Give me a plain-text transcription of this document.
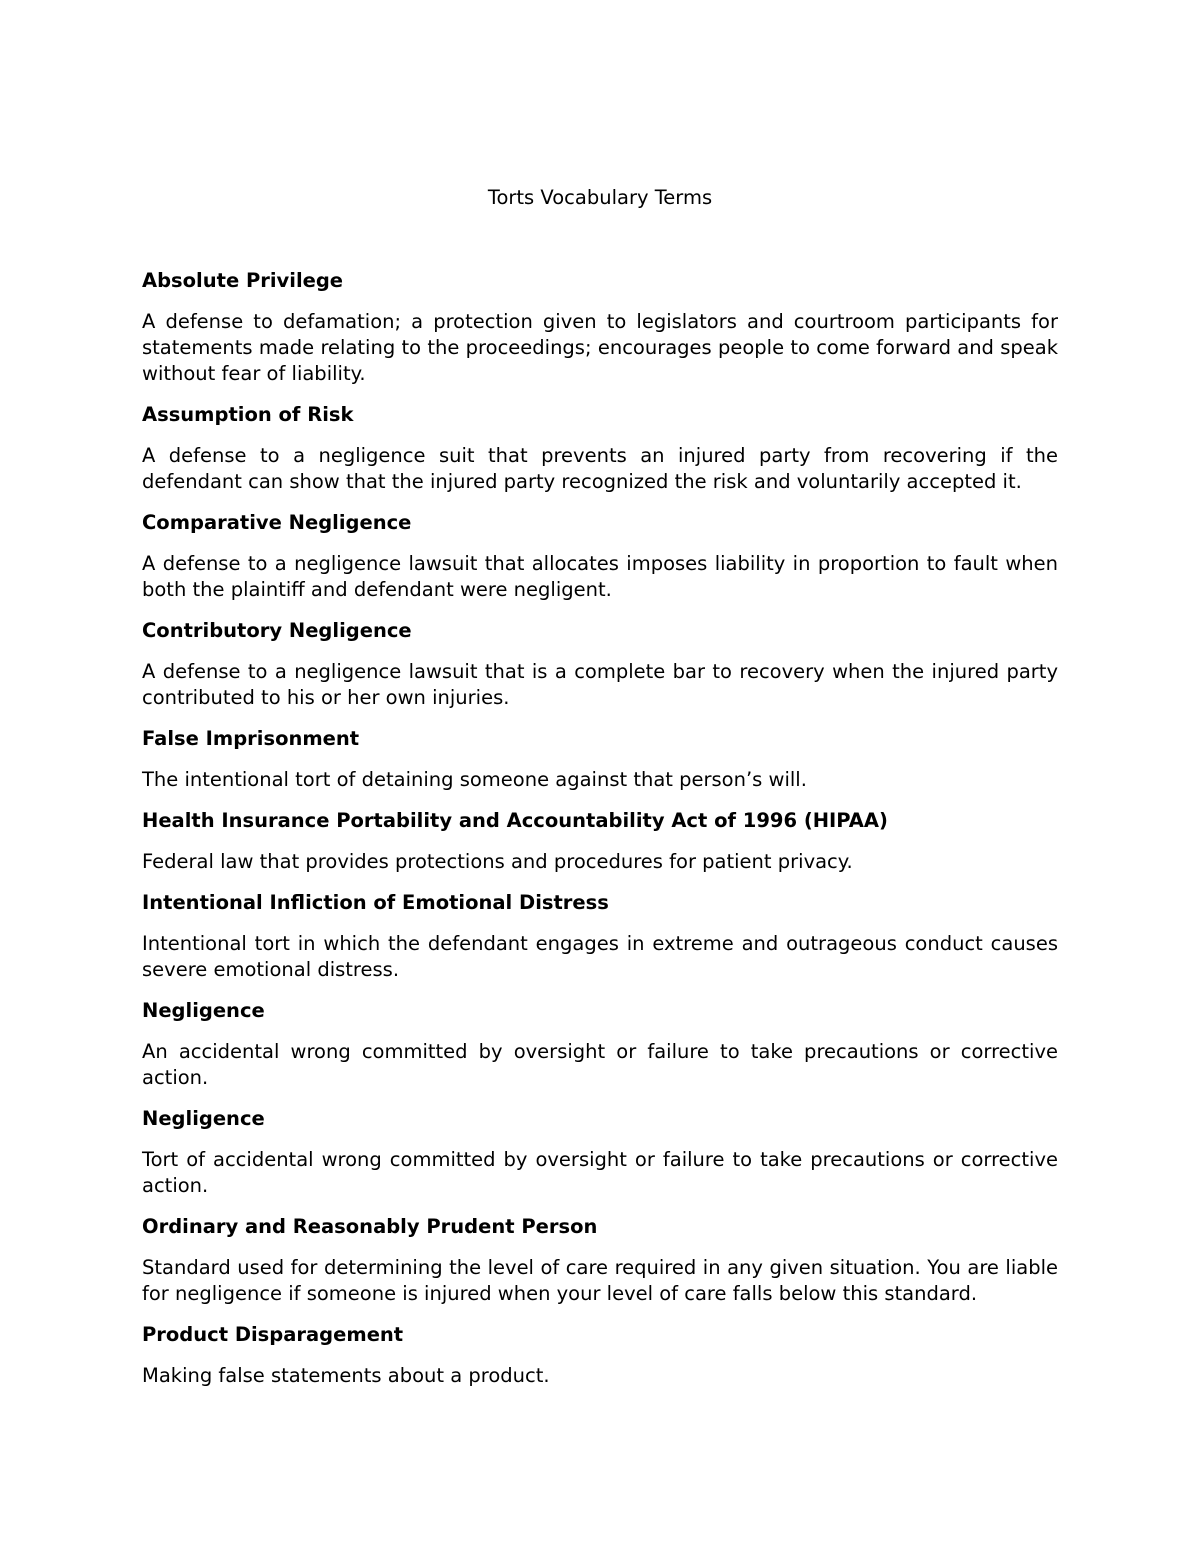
Torts Vocabulary Terms

Absolute Privilege

A defense to defamation; a protection given to legislators and courtroom participants for statements made relating to the proceedings; encourages people to come forward and speak without fear of liability.

Assumption of Risk

A defense to a negligence suit that prevents an injured party from recovering if the defendant can show that the injured party recognized the risk and voluntarily accepted it.

Comparative Negligence

A defense to a negligence lawsuit that allocates imposes liability in proportion to fault when both the plaintiff and defendant were negligent.

Contributory Negligence

A defense to a negligence lawsuit that is a complete bar to recovery when the injured party contributed to his or her own injuries.

False Imprisonment

The intentional tort of detaining someone against that person’s will.

Health Insurance Portability and Accountability Act of 1996 (HIPAA)

Federal law that provides protections and procedures for patient privacy.

Intentional Infliction of Emotional Distress

Intentional tort in which the defendant engages in extreme and outrageous conduct causes severe emotional distress.

Negligence

An accidental wrong committed by oversight or failure to take precautions or corrective action.

Negligence

Tort of accidental wrong committed by oversight or failure to take precautions or corrective action.

Ordinary and Reasonably Prudent Person

Standard used for determining the level of care required in any given situation. You are liable for negligence if someone is injured when your level of care falls below this standard.

Product Disparagement

Making false statements about a product.
